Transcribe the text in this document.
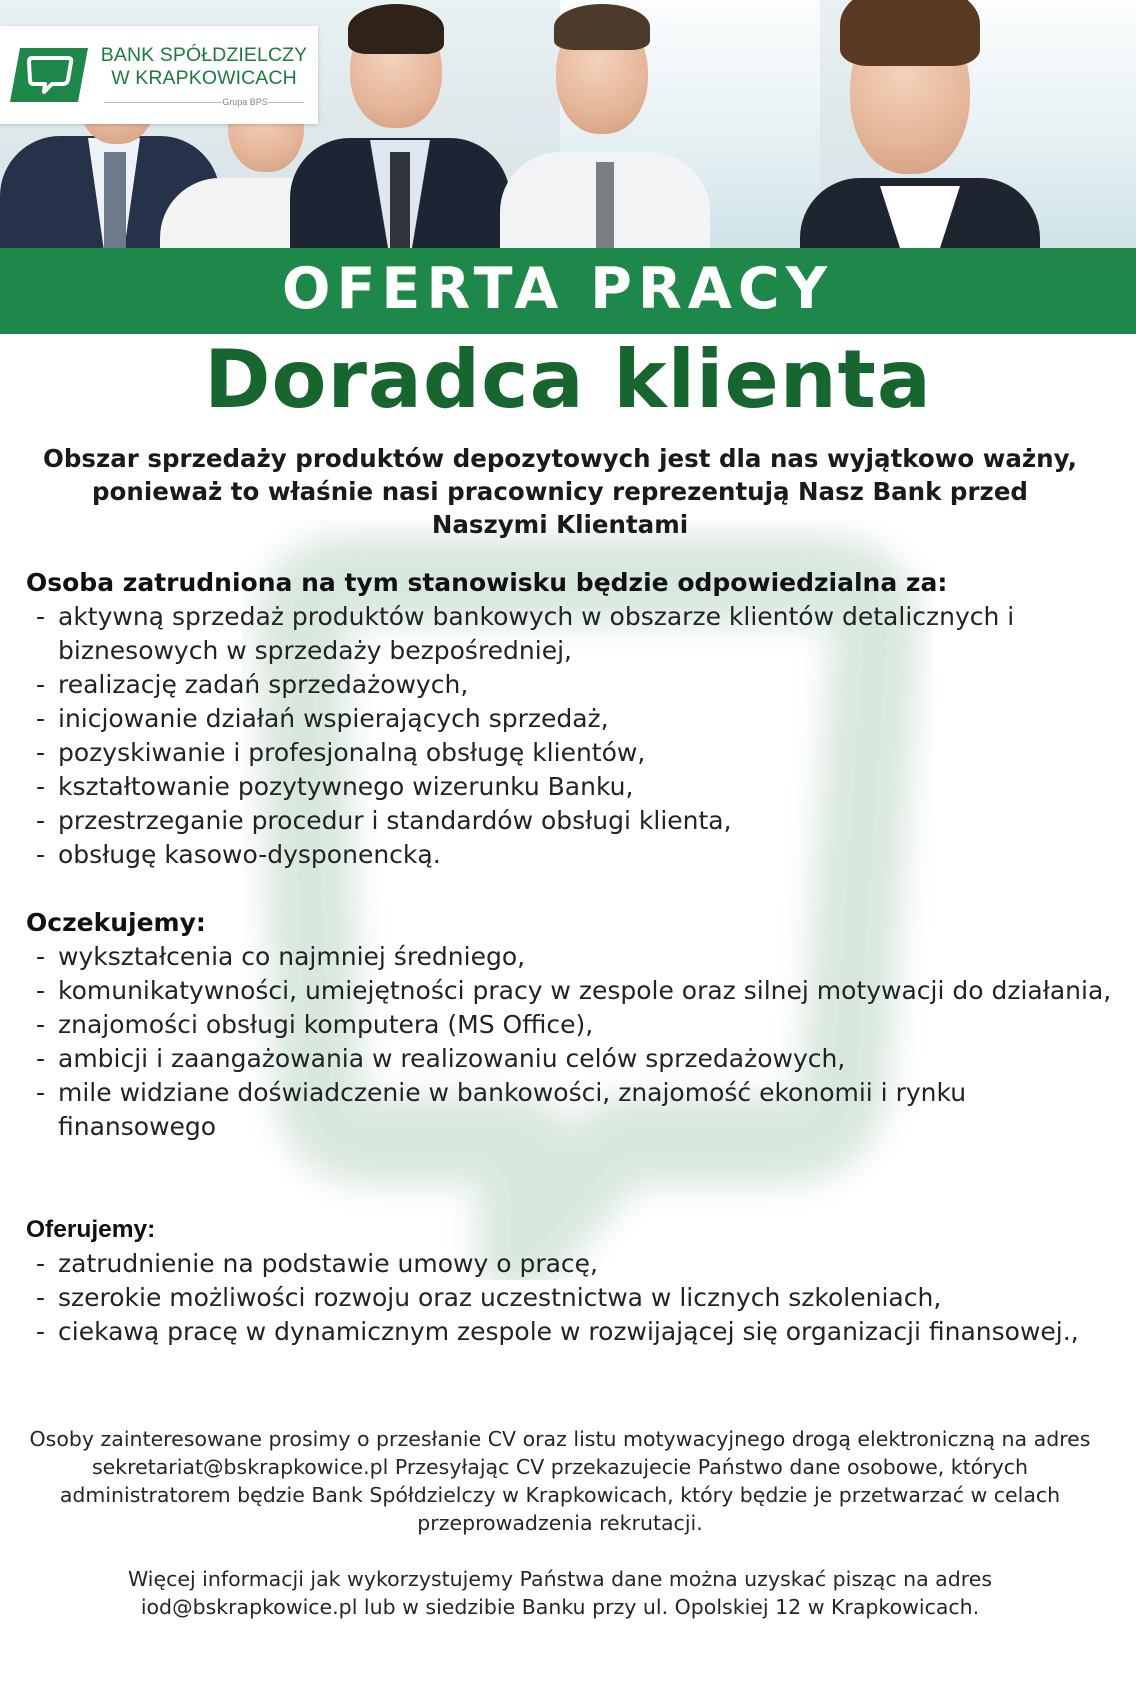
BANK SPÓŁDZIELCZY
W KRAPKOWICACH
Grupa BPS
OFERTA PRACY
Doradca klienta
Obszar sprzedaży produktów depozytowych jest dla nas wyjątkowo ważny, ponieważ to właśnie nasi pracownicy reprezentują Nasz Bank przed Naszymi Klientami
Osoba zatrudniona na tym stanowisku będzie odpowiedzialna za:
- aktywną sprzedaż produktów bankowych w obszarze klientów detalicznych i biznesowych w sprzedaży bezpośredniej,
- realizację zadań sprzedażowych,
- inicjowanie działań wspierających sprzedaż,
- pozyskiwanie i profesjonalną obsługę klientów,
- kształtowanie pozytywnego wizerunku Banku,
- przestrzeganie procedur i standardów obsługi klienta,
- obsługę kasowo-dysponencką.
Oczekujemy:
- wykształcenia co najmniej średniego,
- komunikatywności, umiejętności pracy w zespole oraz silnej motywacji do działania,
- znajomości obsługi komputera (MS Office),
- ambicji i zaangażowania w realizowaniu celów sprzedażowych,
- mile widziane doświadczenie w bankowości, znajomość ekonomii i rynku finansowego
Oferujemy:
- zatrudnienie na podstawie umowy o pracę,
- szerokie możliwości rozwoju oraz uczestnictwa w licznych szkoleniach,
- ciekawą pracę w dynamicznym zespole w rozwijającej się organizacji finansowej.,
Osoby zainteresowane prosimy o przesłanie CV oraz listu motywacyjnego drogą elektroniczną na adres sekretariat@bskrapkowice.pl Przesyłając CV przekazujecie Państwo dane osobowe, których administratorem będzie Bank Spółdzielczy w Krapkowicach, który będzie je przetwarzać w celach przeprowadzenia rekrutacji.
Więcej informacji jak wykorzystujemy Państwa dane można uzyskać pisząc na adres iod@bskrapkowice.pl lub w siedzibie Banku przy ul. Opolskiej 12 w Krapkowicach.
